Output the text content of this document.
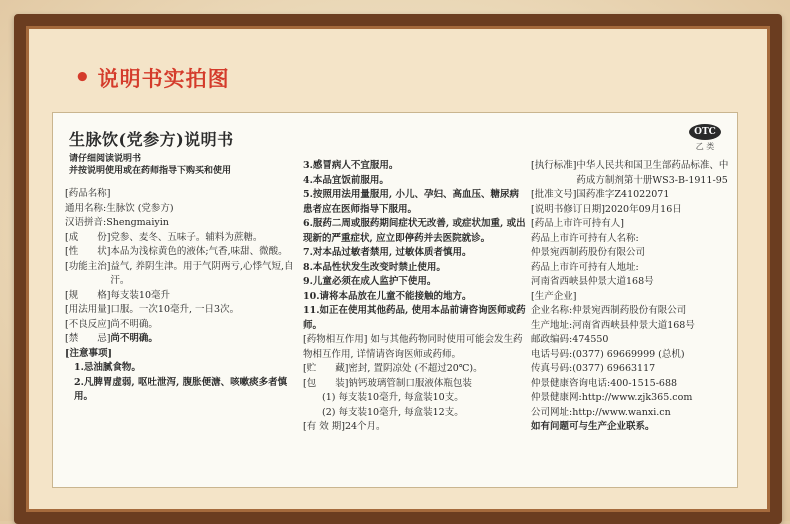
• 说明书实拍图
生脉饮(党参方)说明书	OTC
乙 类
请仔细阅读说明书
并按说明使用或在药师指导下购买和使用
[药品名称]
通用名称: 生脉饮 (党参方)
汉语拼音: Shengmaiyin
[成　　份] 党参、麦冬、五味子。辅料为蔗糖。
[性　　状] 本品为浅棕黄色的液体;气香,味甜、微酸。
[功能主治] 益气, 养阴生津。用于气阴两亏,心悸气短,自汗。
[规　　格] 每支装10毫升
[用法用量] 口服。一次10毫升, 一日3次。
[不良反应] 尚不明确。
[禁　　忌] 尚不明确。
[注意事项]
1.忌油腻食物。
2.凡脾胃虚弱, 呕吐泄泻, 腹胀便溏、咳嗽痰多者慎用。
3.感冒病人不宜服用。
4.本品宜饭前服用。
5.按照用法用量服用, 小儿、孕妇、高血压、糖尿病患者应在医师指导下服用。
6.服药二周或服药期间症状无改善, 或症状加重, 或出现新的严重症状, 应立即停药并去医院就诊。
7.对本品过敏者禁用, 过敏体质者慎用。
8.本品性状发生改变时禁止使用。
9.儿童必须在成人监护下使用。
10.请将本品放在儿童不能接触的地方。
11.如正在使用其他药品, 使用本品前请咨询医师或药师。
[药物相互作用] 如与其他药物同时使用可能会发生药物相互作用, 详情请咨询医师或药师。
[贮　　藏] 密封, 置阴凉处 (不超过20℃)。
[包　　装] 钠钙玻璃管制口服液体瓶包装
(1) 每支装10毫升, 每盒装10支。
(2) 每支装10毫升, 每盒装12支。
[有 效 期] 24个月。
[执行标准] 中华人民共和国卫生部药品标准、中药成方制剂第十册WS3-B-1911-95
[批准文号] 国药准字Z41022071
[说明书修订日期] 2020年09月16日
[药品上市许可持有人]
药品上市许可持有人名称:
仲景宛西制药股份有限公司
药品上市许可持有人地址:
河南省西峡县仲景大道168号
[生产企业]
企业名称: 仲景宛西制药股份有限公司
生产地址: 河南省西峡县仲景大道168号
邮政编码: 474550
电话号码: (0377) 69669999 (总机)
传真号码: (0377) 69663117
仲景健康咨询电话: 400-1515-688
仲景健康网: http://www.zjk365.com
公司网址: http://www.wanxi.cn
如有问题可与生产企业联系。
